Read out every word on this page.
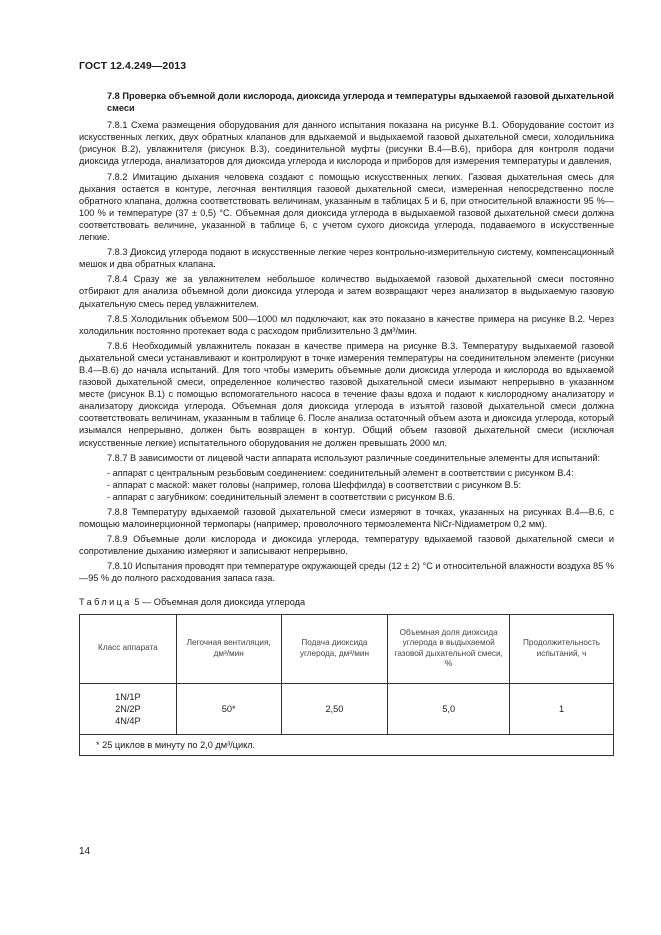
ГОСТ 12.4.249—2013
7.8 Проверка объемной доли кислорода, диоксида углерода и температуры вдыхаемой газовой дыхательной смеси

7.8.1 Схема размещения оборудования для данного испытания показана на рисунке В.1. Оборудование состоит из искусственных легких, двух обратных клапанов для вдыхаемой и выдыхаемой газовой дыхательной смеси, холодильника (рисунок В.2), увлажнителя (рисунок В.3), соединительной муфты (рисунки В.4—В.6), прибора для контроля подачи диоксида углерода, анализаторов для диоксида углерода и кислорода и приборов для измерения температуры и давления,

7.8.2 Имитацию дыхания человека создают с помощью искусственных легких. Газовая дыхательная смесь для дыхания остается в контуре, легочная вентиляция газовой дыхательной смеси, измеренная непосредственно после обратного клапана, должна соответствовать величинам, указанным в таблицах 5 и 6, при относительной влажности 95 %—100 % и температуре (37 ± 0,5) °С. Объемная доля диоксида углерода в выдыхаемой газовой дыхательной смеси должна соответствовать величине, указанной в таблице 6, с учетом сухого диоксида углерода, подаваемого в искусственные легкие.

7.8.3 Диоксид углерода подают в искусственные легкие через контрольно-измерительную систему, компенсационный мешок и два обратных клапана.

7.8.4 Сразу же за увлажнителем небольшое количество выдыхаемой газовой дыхательной смеси постоянно отбирают для анализа объемной доли диоксида углерода и затем возвращают через анализатор в выдыхаемую газовую дыхательную смесь перед увлажнителем.

7.8.5 Холодильник объемом 500—1000 мл подключают, как это показано в качестве примера на рисунке В.2. Через холодильник постоянно протекает вода с расходом приблизительно 3 дм³/мин.

7.8.6 Необходимый увлажнитель показан в качестве примера на рисунке В.3. Температуру выдыхаемой газовой дыхательной смеси устанавливают и контролируют в точке измерения температуры на соединительном элементе (рисунки В.4—В.6) до начала испытаний. Для того чтобы измерить объемные доли диоксида углерода и кислорода во вдыхаемой газовой дыхательной смеси, определенное количество газовой дыхательной смеси изымают непрерывно в указанном месте (рисунок В.1) с помощью вспомогательного насоса в течение фазы вдоха и подают к кислородному анализатору и анализатору диоксида углерода. Объемная доля диоксида углерода в изъятой газовой дыхательной смеси должна соответствовать величинам, указанным в таблице 6. После анализа остаточный объем азота и диоксида углерода, который изымался непрерывно, должен быть возвращен в контур. Общий объем газовой дыхательной смеси (исключая искусственные легкие) испытательного оборудования не должен превышать 2000 мл.

7.8.7 В зависимости от лицевой части аппарата используют различные соединительные элементы для испытаний:

- аппарат с центральным резьбовым соединением: соединительный элемент в соответствии с рисунком В.4:

- аппарат с маской: макет головы (например, голова Шеффилда) в соответствии с рисунком В.5:

- аппарат с загубником: соединительный элемент в соответствии с рисунком В.6.

7.8.8 Температуру вдыхаемой газовой дыхательной смеси измеряют в точках, указанных на рисунках В.4—В.6, с помощью малоинерционной термопары (например, проволочного термоэлемента NiCr-Niдиаметром 0,2 мм).

7.8.9 Объемные доли кислорода и диоксида углерода, температуру вдыхаемой газовой дыхательной смеси и сопротивление дыханию измеряют и записывают непрерывно.

7.8.10 Испытания проводят при температуре окружающей среды (12 ± 2) °С и относительной влажности воздуха 85 %—95 % до полного расходования запаса газа.

Таблица 5 — Объемная доля диоксида углерода
Класс аппарата	Легочная вентиляция, дм³/мин	Подача диоксида углерода, дм³/мин	Объемная доля диоксида углерода в выдыхаемой газовой дыхательной смеси, %	Продолжительность испытаний, ч

1N/1P
2N/2P
4N/4P	50*	2,50	5,0	1
* 25 циклов в минуту по 2,0 дм³/цикл.				
14
